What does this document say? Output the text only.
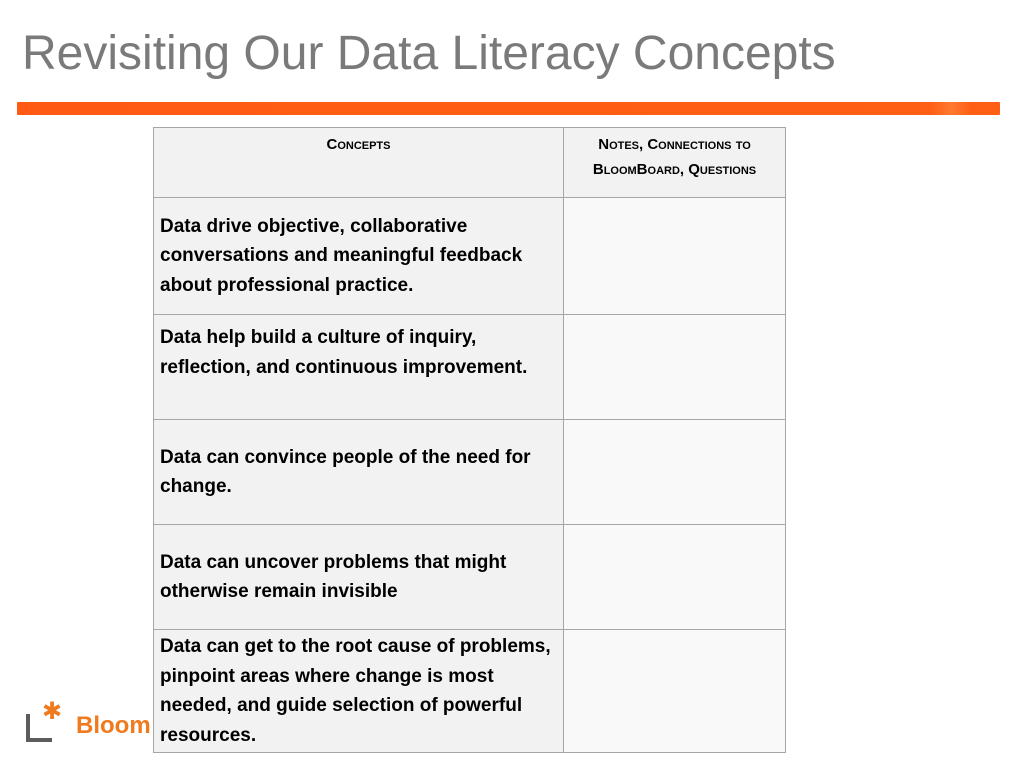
Revisiting Our Data Literacy Concepts
✱
Bloom
Concepts	Notes, Connections to BloomBoard, Questions
Data drive objective, collaborative conversations and meaningful feedback about professional practice.	
Data help build a culture of inquiry, reflection, and continuous improvement.	
Data can convince people of the need for change.	
Data can uncover problems that might otherwise remain invisible	
Data can get to the root cause of problems, pinpoint areas where change is most needed, and guide selection of powerful resources.	
